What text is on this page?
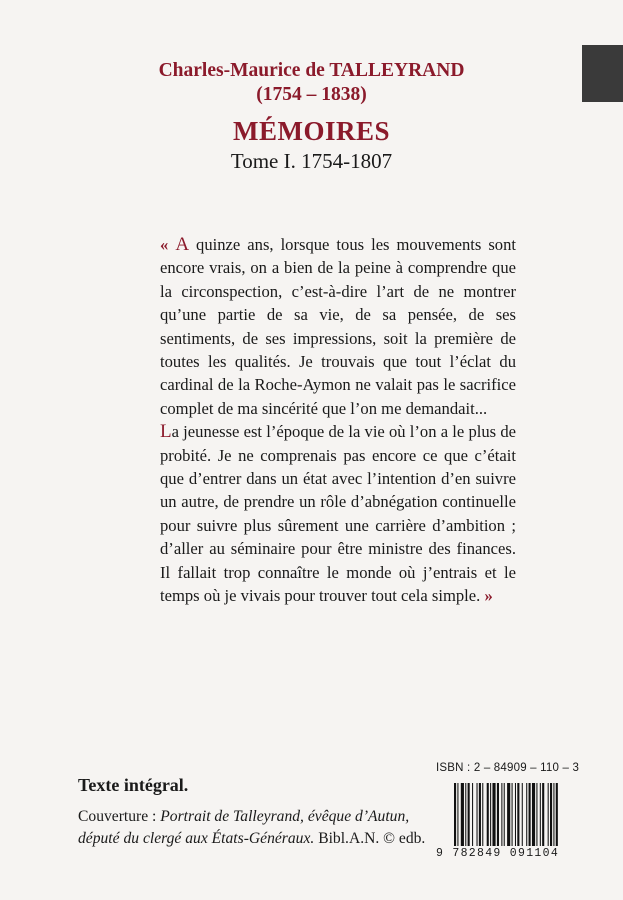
Charles-Maurice de TALLEYRAND
(1754 – 1838)
MÉMOIRES
Tome I. 1754-1807

« A quinze ans, lorsque tous les mouvements sont encore vrais, on a bien de la peine à comprendre que la circonspection, c’est-à-dire l’art de ne montrer qu’une partie de sa vie, de sa pensée, de ses sentiments, de ses impressions, soit la première de toutes les qualités. Je trouvais que tout l’éclat du cardinal de la Roche-Aymon ne valait pas le sacrifice complet de ma sincérité que l’on me demandait...

La jeunesse est l’époque de la vie où l’on a le plus de probité. Je ne comprenais pas encore ce que c’était que d’entrer dans un état avec l’intention d’en suivre un autre, de prendre un rôle d’abnégation continuelle pour suivre plus sûrement une carrière d’ambition ; d’aller au séminaire pour être ministre des finances. Il fallait trop connaître le monde où j’entrais et le temps où je vivais pour trouver tout cela simple. »

Texte intégral.
Couverture : Portrait de Talleyrand, évêque d’Autun, député du clergé aux États-Généraux. Bibl.A.N. © edb.
ISBN : 2 – 84909 – 110 – 3
9 782849 091104
